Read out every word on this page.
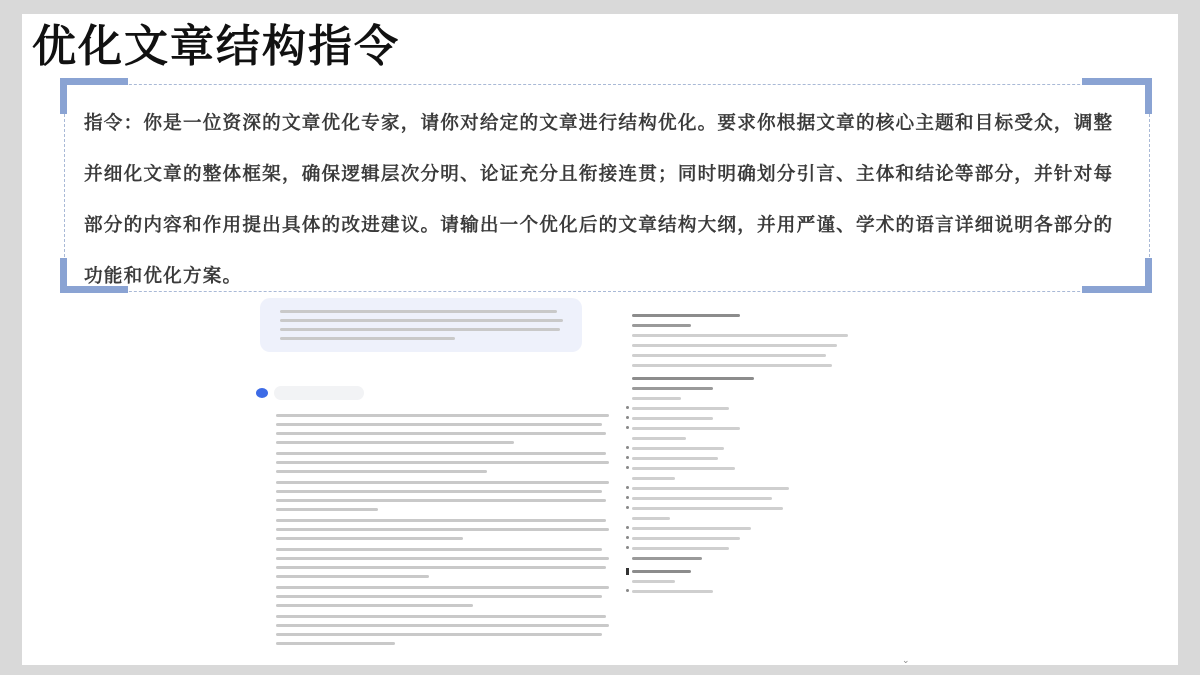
优化文章结构指令
指令：你是一位资深的文章优化专家，请你对给定的文章进行结构优化。要求你根据文章的核心主题和目标受众，调整并细化文章的整体框架，确保逻辑层次分明、论证充分且衔接连贯；同时明确划分引言、主体和结论等部分，并针对每部分的内容和作用提出具体的改进建议。请输出一个优化后的文章结构大纲，并用严谨、学术的语言详细说明各部分的功能和优化方案。
⌄
